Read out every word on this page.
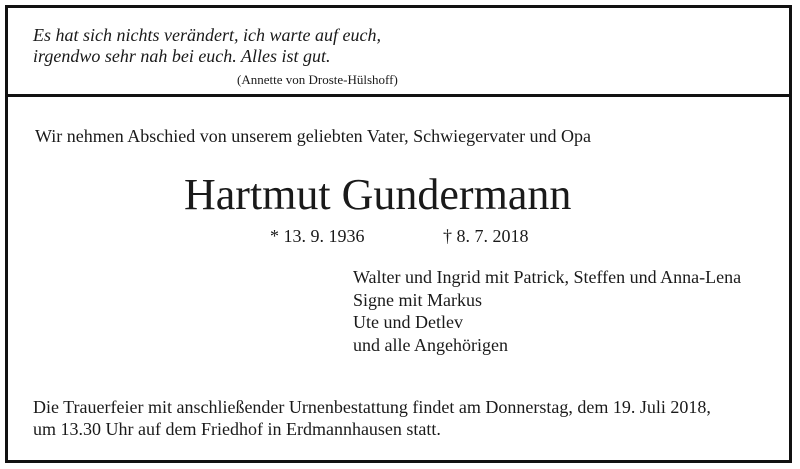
Es hat sich nichts verändert, ich warte auf euch,
irgendwo sehr nah bei euch. Alles ist gut.
(Annette von Droste-Hülshoff)
Wir nehmen Abschied von unserem geliebten Vater, Schwiegervater und Opa
Hartmut Gundermann
* 13. 9. 1936	† 8. 7. 2018
Walter und Ingrid mit Patrick, Steffen und Anna-Lena
Signe mit Markus
Ute und Detlev
und alle Angehörigen
Die Trauerfeier mit anschließender Urnenbestattung findet am Donnerstag, dem 19. Juli 2018,
um 13.30 Uhr auf dem Friedhof in Erdmannhausen statt.
